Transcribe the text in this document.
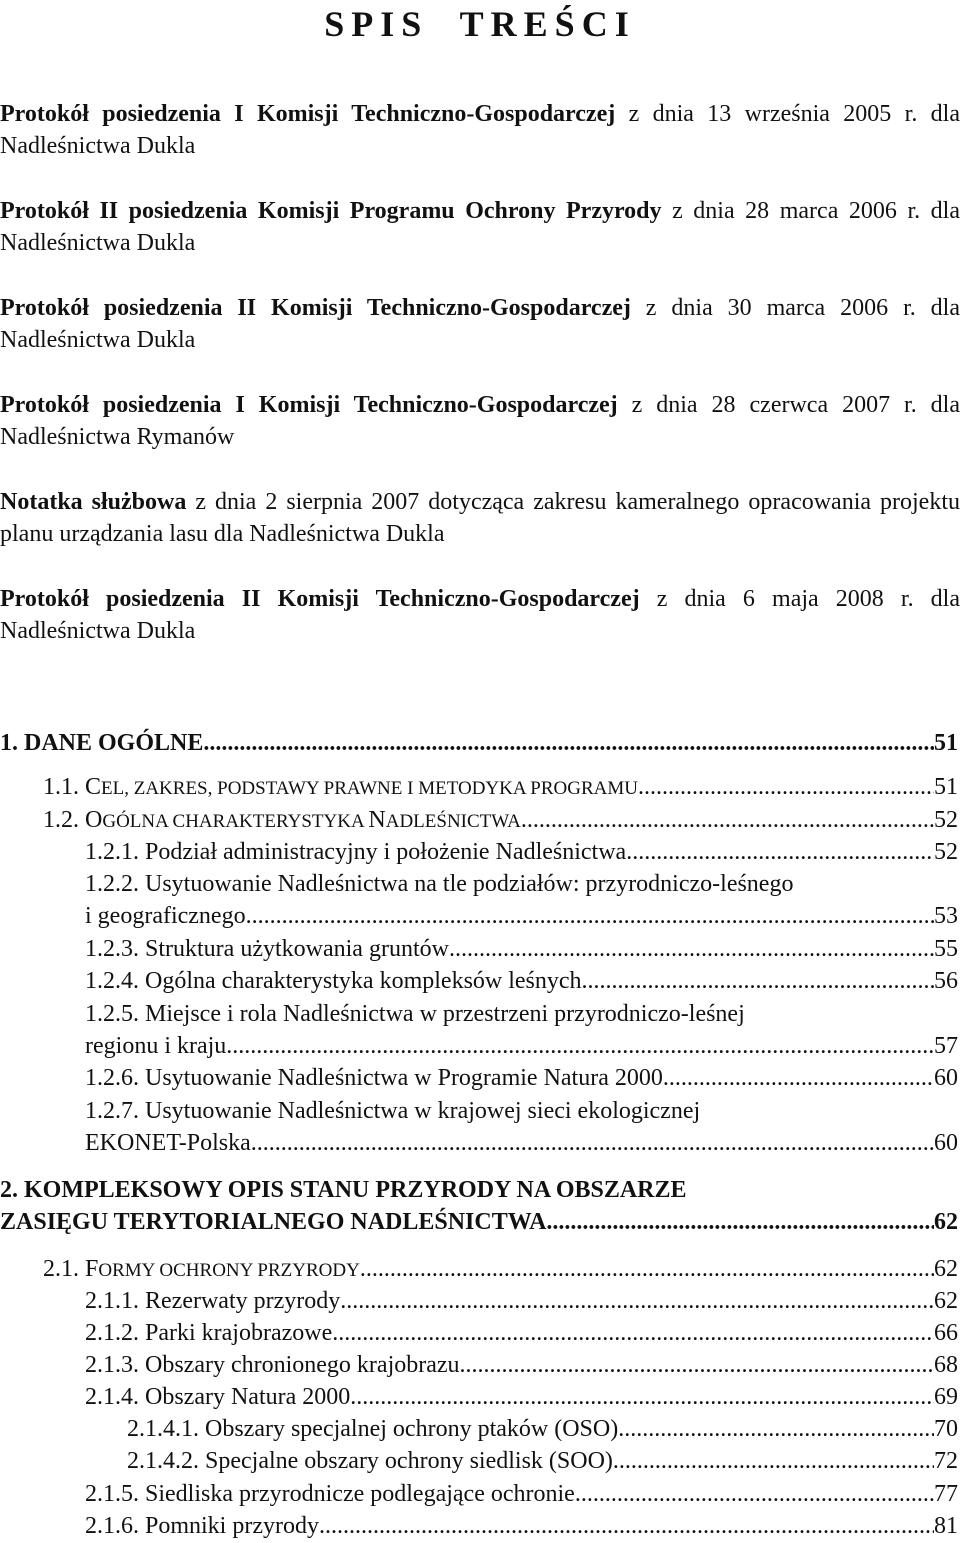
SPIS  TREŚCI
Protokół posiedzenia I Komisji Techniczno-Gospodarczej z dnia 13 września 2005 r. dla Nadleśnictwa Dukla
Protokół II posiedzenia Komisji Programu Ochrony Przyrody z dnia 28 marca 2006 r. dla Nadleśnictwa Dukla
Protokół posiedzenia II Komisji Techniczno-Gospodarczej z dnia 30 marca 2006 r. dla Nadleśnictwa Dukla
Protokół posiedzenia I Komisji Techniczno-Gospodarczej z dnia 28 czerwca 2007 r. dla Nadleśnictwa Rymanów
Notatka służbowa z dnia 2 sierpnia 2007 dotycząca zakresu kameralnego opracowania projektu planu urządzania lasu dla Nadleśnictwa Dukla
Protokół posiedzenia II Komisji Techniczno-Gospodarczej z dnia 6 maja 2008 r. dla Nadleśnictwa Dukla
1. DANE OGÓLNE .....	51
1.1. CEL, ZAKRES, PODSTAWY PRAWNE I METODYKA PROGRAMU .....	51
1.2. OGÓLNA CHARAKTERYSTYKA NADLEŚNICTWA .....	52
1.2.1. Podział administracyjny i położenie Nadleśnictwa .....	52
1.2.2. Usytuowanie Nadleśnictwa na tle podziałów: przyrodniczo-leśnego
i geograficznego .....	53
1.2.3. Struktura użytkowania gruntów .....	55
1.2.4. Ogólna charakterystyka kompleksów leśnych .....	56
1.2.5. Miejsce i rola Nadleśnictwa w przestrzeni przyrodniczo-leśnej
regionu i kraju .....	57
1.2.6. Usytuowanie Nadleśnictwa w Programie Natura 2000 .....	60
1.2.7. Usytuowanie Nadleśnictwa w krajowej sieci ekologicznej
EKONET-Polska .....	60
2. KOMPLEKSOWY OPIS STANU PRZYRODY NA OBSZARZE
ZASIĘGU TERYTORIALNEGO NADLEŚNICTWA .....	62
2.1. FORMY OCHRONY PRZYRODY .....	62
2.1.1. Rezerwaty przyrody .....	62
2.1.2. Parki krajobrazowe .....	66
2.1.3. Obszary chronionego krajobrazu .....	68
2.1.4. Obszary Natura 2000 .....	69
2.1.4.1. Obszary specjalnej ochrony ptaków (OSO) .....	70
2.1.4.2. Specjalne obszary ochrony siedlisk (SOO) .....	72
2.1.5. Siedliska przyrodnicze podlegające ochronie .....	77
2.1.6. Pomniki przyrody .....	81
